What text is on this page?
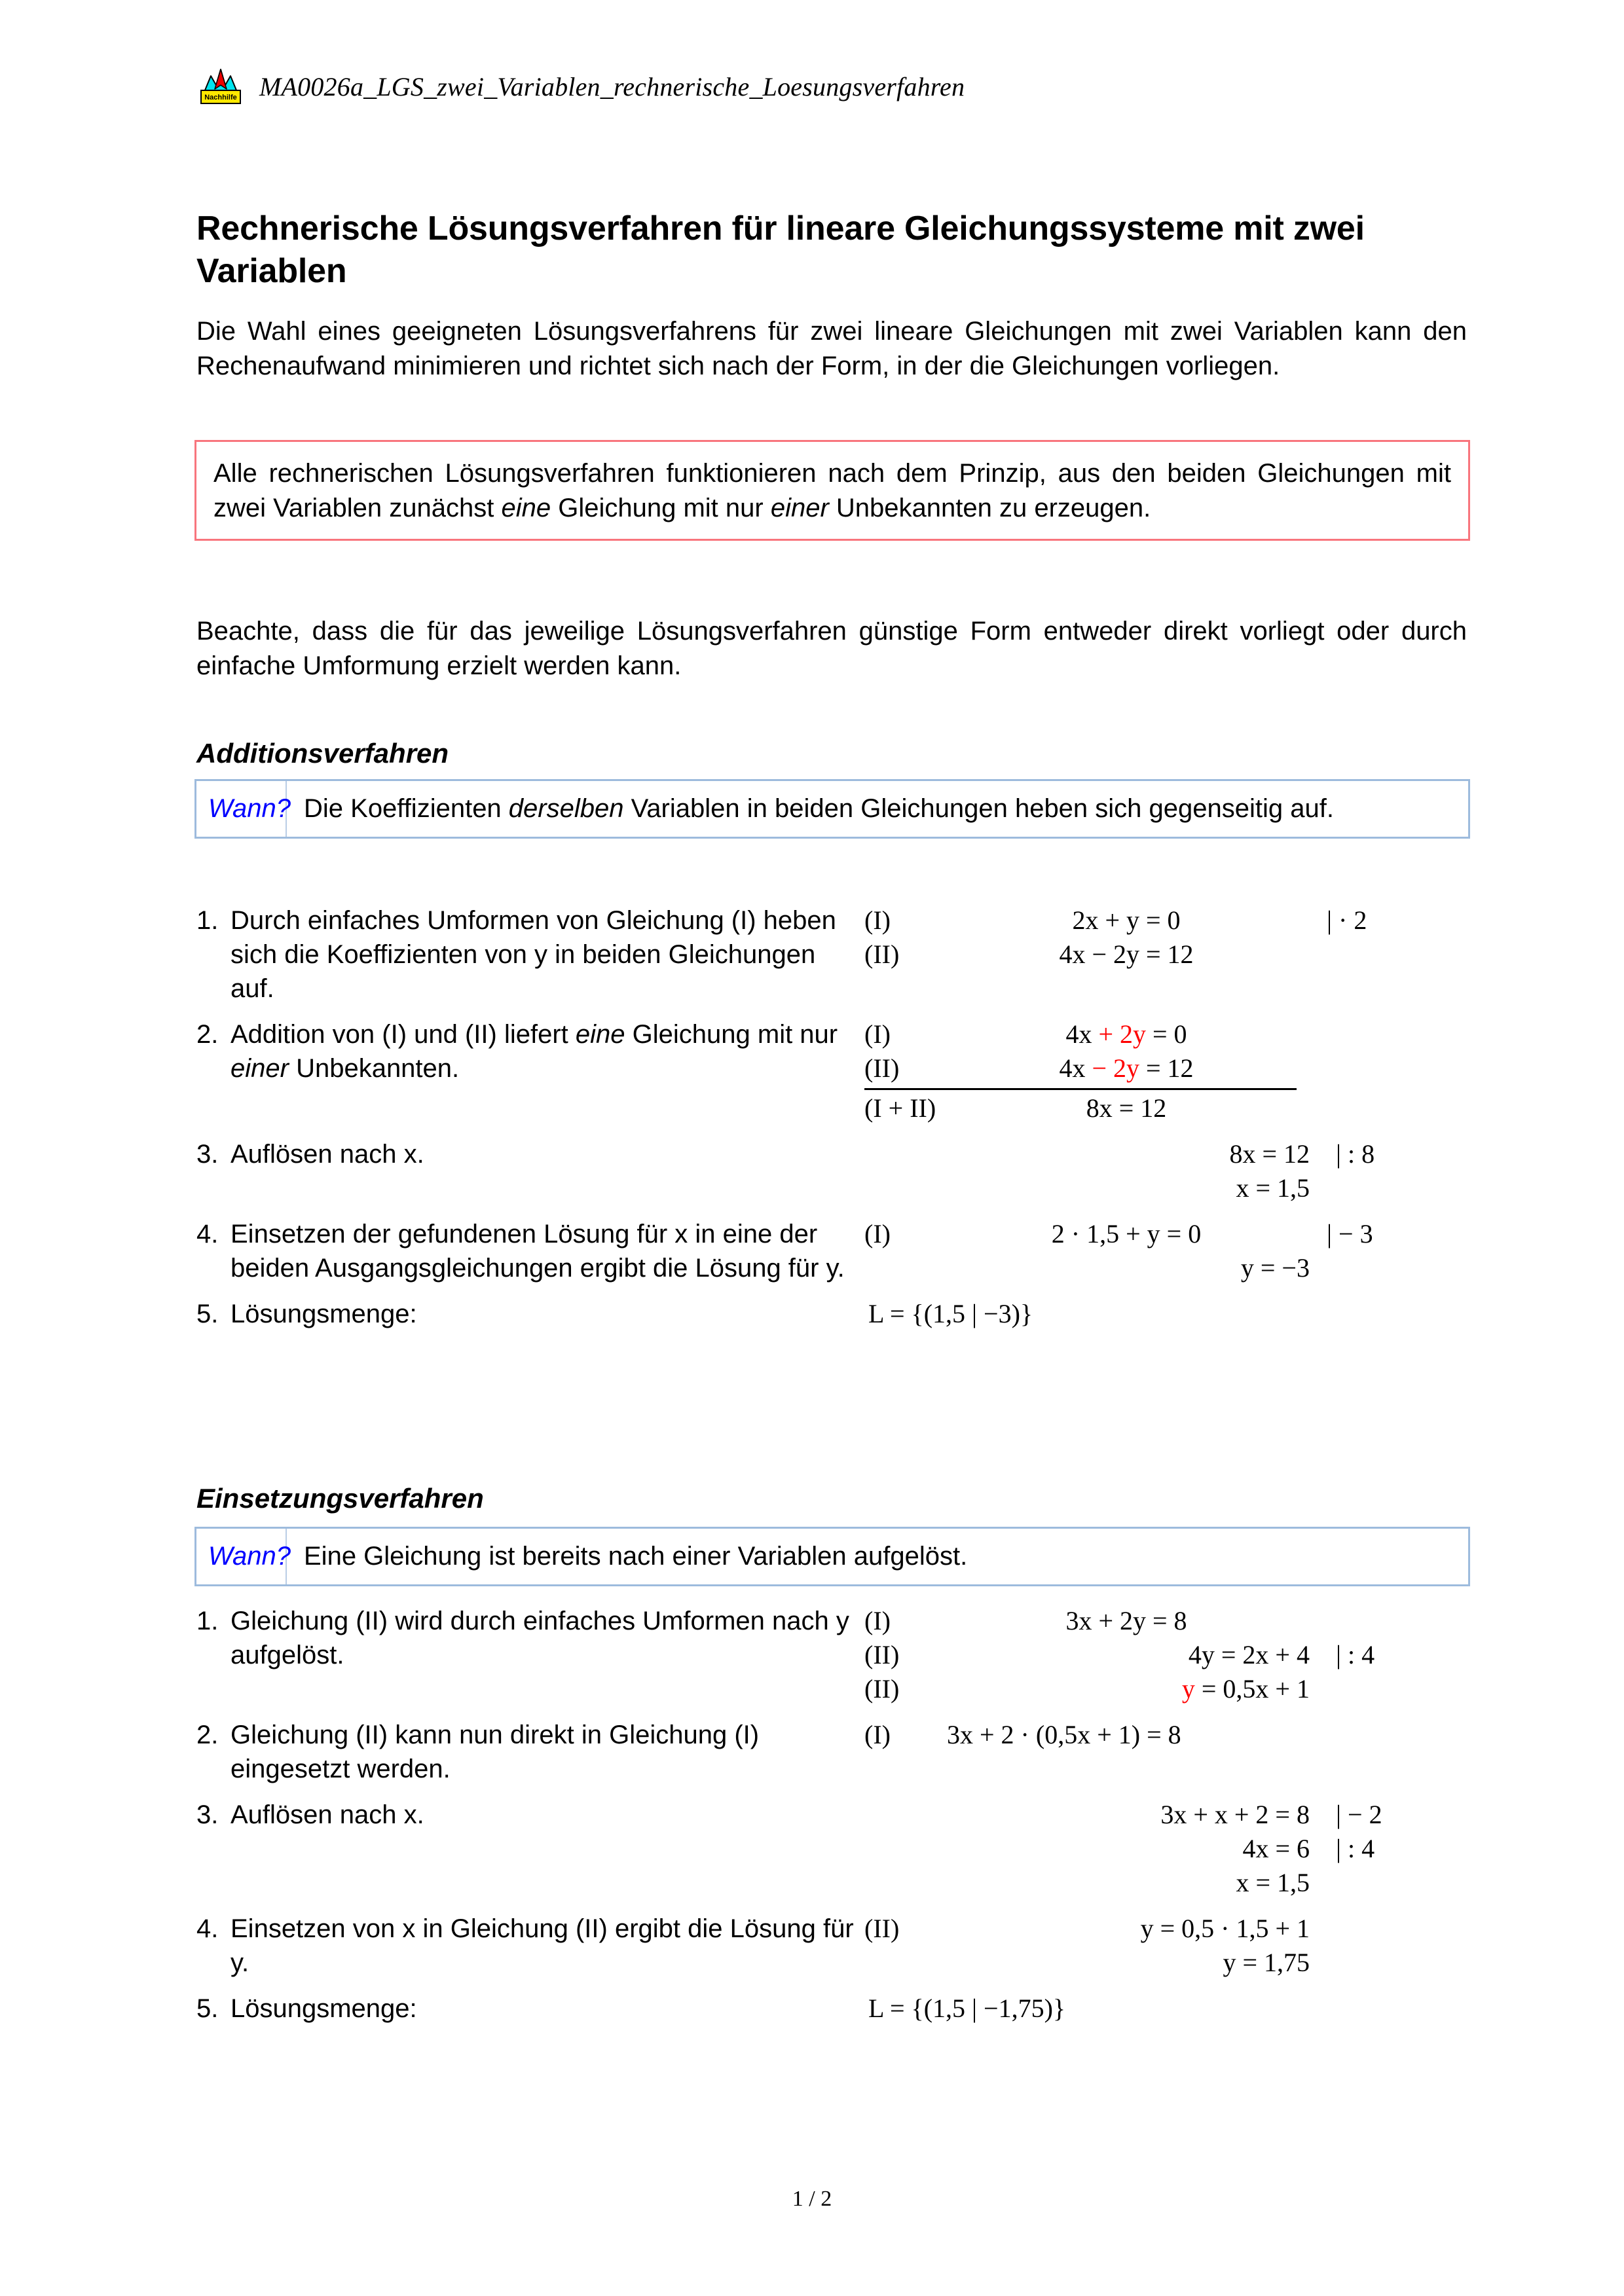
Nachhilfe MA0026a_LGS_zwei_Variablen_rechnerische_Loesungsverfahren
Rechnerische Lösungsverfahren für lineare Gleichungssysteme mit zwei Variablen
Die Wahl eines geeigneten Lösungsverfahrens für zwei lineare Gleichungen mit zwei Variablen kann den Rechenaufwand minimieren und richtet sich nach der Form, in der die Gleichungen vorliegen.

Alle rechnerischen Lösungsverfahren funktionieren nach dem Prinzip, aus den beiden Gleichungen mit zwei Variablen zunächst eine Gleichung mit nur einer Unbekannten zu erzeugen.

Beachte, dass die für das jeweilige Lösungsverfahren günstige Form entweder direkt vorliegt oder durch einfache Umformung erzielt werden kann.
Additionsverfahren
Wann? Die Koeffizienten derselben Variablen in beiden Gleichungen heben sich gegenseitig auf.
1. Durch einfaches Umformen von Gleichung (I) heben sich die Koeffizienten von y in beiden Gleichungen auf.
(I)	2x + y = 0	| · 2
(II)	4x − 2y = 12
2. Addition von (I) und (II) liefert eine Gleichung mit nur einer Unbekannten.
(I)	4x + 2y = 0
(II)	4x − 2y = 12
(I + II)	8x = 12
3. Auflösen nach x.	8x = 12	| : 8
x = 1,5
4. Einsetzen der gefundenen Lösung für x in eine der beiden Ausgangsgleichungen ergibt die Lösung für y.
(I)	2 · 1,5 + y = 0	| − 3
y = −3
5. Lösungsmenge:	L = {(1,5 | −3)}
Einsetzungsverfahren
Wann? Eine Gleichung ist bereits nach einer Variablen aufgelöst.
1. Gleichung (II) wird durch einfaches Umformen nach y aufgelöst.
(I)	3x + 2y = 8
(II)	4y = 2x + 4	| : 4
(II)	y = 0,5x + 1
2. Gleichung (II) kann nun direkt in Gleichung (I) eingesetzt werden.
(I)	3x + 2 · (0,5x + 1) = 8
3. Auflösen nach x.	3x + x + 2 = 8	| − 2
4x = 6	| : 4
x = 1,5
4. Einsetzen von x in Gleichung (II) ergibt die Lösung für y.
(II)	y = 0,5 · 1,5 + 1
y = 1,75
5. Lösungsmenge:	L = {(1,5 | −1,75)}
1 / 2
